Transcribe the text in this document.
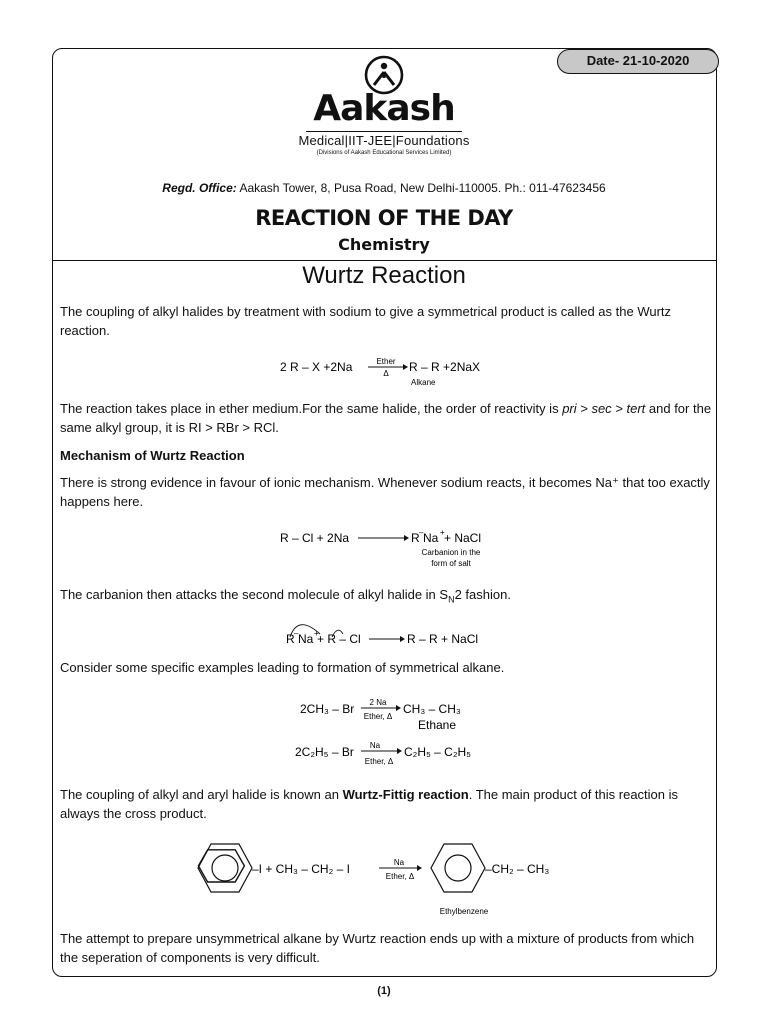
Date- 21-10-2020
Aakash
Medical|IIT-JEE|Foundations
(Divisions of Aakash Educational Services Limited)
Regd. Office: Aakash Tower, 8, Pusa Road, New Delhi-110005. Ph.: 011-47623456
REACTION OF THE DAY
Chemistry
Wurtz Reaction
The coupling of alkyl halides by treatment with sodium to give a symmetrical product is called as the Wurtz reaction.
2 R – X +2Na	Ether
Δ R – R +2NaX
Alkane
The reaction takes place in ether medium.For the same halide, the order of reactivity is pri > sec > tert and for the same alkyl group, it is RI > RBr > RCl.
Mechanism of Wurtz Reaction
There is strong evidence in favour of ionic mechanism. Whenever sodium reacts, it becomes Na⁺ that too exactly happens here.
R – Cl + 2Na	R – Na + + NaCl
Carbanion in the
form of salt
The carbanion then attacks the second molecule of alkyl halide in $S_N2$ fashion.
R – Na +
+ R – Cl	R – R + NaCl
Consider some specific examples leading to formation of symmetrical alkane.
2CH₃ – Br 2 Na
Ether, Δ
CH₃ – CH₃
Ethane
2C₂H₅ – Br Na
Ether, Δ
C₂H₅ – C₂H₅
The coupling of alkyl and aryl halide is known an Wurtz-Fittig reaction. The main product of this reaction is always the cross product.
–I + CH₃ – CH₂ – I	Na
Ether, Δ
–CH₂ – CH₃
Ethylbenzene
The attempt to prepare unsymmetrical alkane by Wurtz reaction ends up with a mixture of products from which the seperation of components is very difficult.
(1)
